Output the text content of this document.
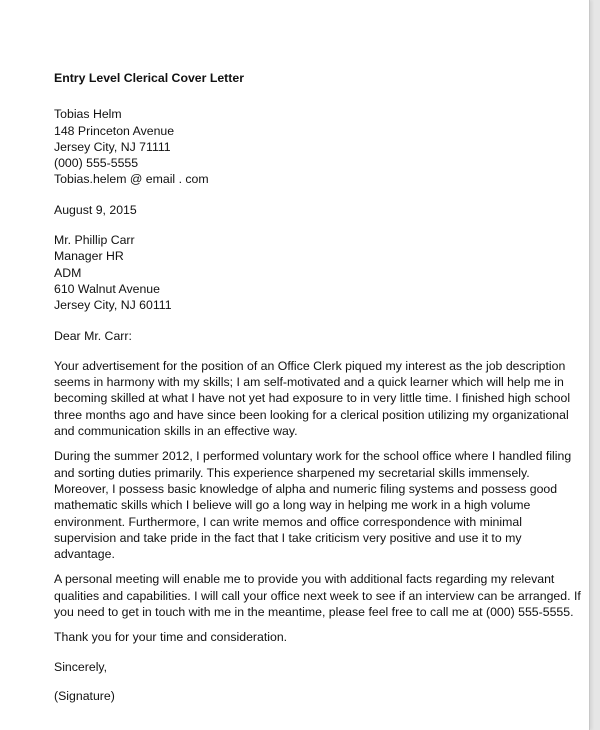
Entry Level Clerical Cover Letter
Tobias Helm
148 Princeton Avenue
Jersey City, NJ 71111
(000) 555-5555
Tobias.helem @ email . com
August 9, 2015
Mr. Phillip Carr
Manager HR
ADM
610 Walnut Avenue
Jersey City, NJ 60111
Dear Mr. Carr:
Your advertisement for the position of an Office Clerk piqued my interest as the job description
seems in harmony with my skills; I am self-motivated and a quick learner which will help me in
becoming skilled at what I have not yet had exposure to in very little time. I finished high school
three months ago and have since been looking for a clerical position utilizing my organizational
and communication skills in an effective way.
During the summer 2012, I performed voluntary work for the school office where I handled filing
and sorting duties primarily. This experience sharpened my secretarial skills immensely.
Moreover, I possess basic knowledge of alpha and numeric filing systems and possess good
mathematic skills which I believe will go a long way in helping me work in a high volume
environment. Furthermore, I can write memos and office correspondence with minimal
supervision and take pride in the fact that I take criticism very positive and use it to my
advantage.
A personal meeting will enable me to provide you with additional facts regarding my relevant
qualities and capabilities. I will call your office next week to see if an interview can be arranged. If
you need to get in touch with me in the meantime, please feel free to call me at (000) 555-5555.
Thank you for your time and consideration.
Sincerely,
(Signature)
